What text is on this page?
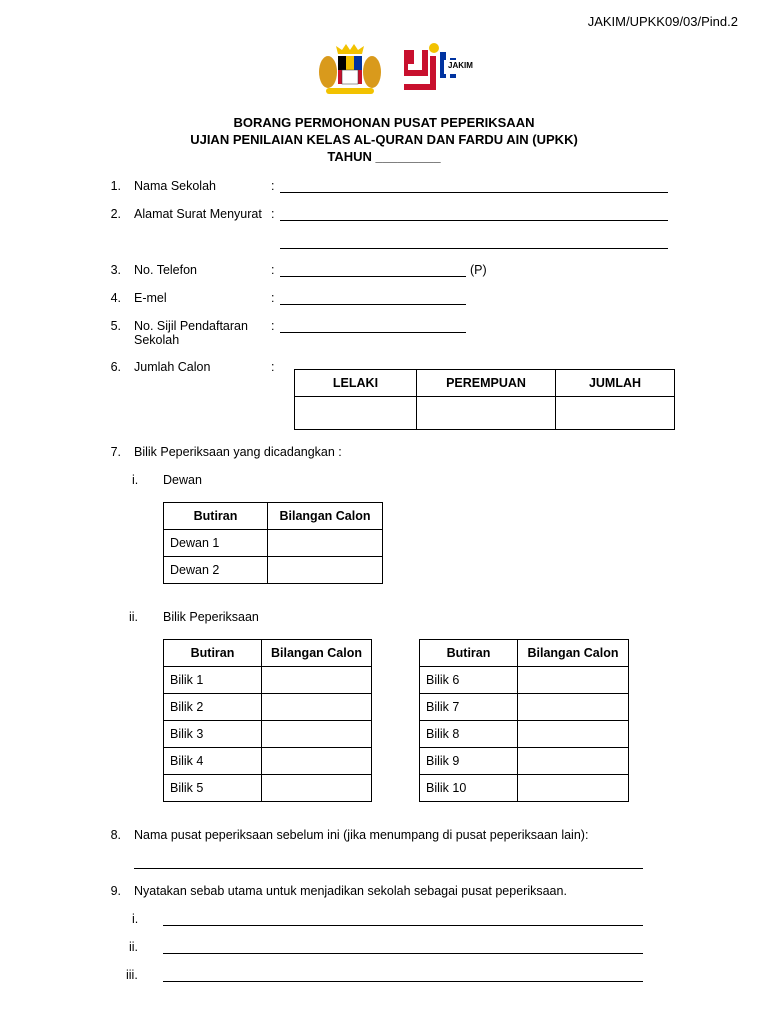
JAKIM/UPKK09/03/Pind.2
JAKIM
BORANG PERMOHONAN PUSAT PEPERIKSAAN
UJIAN PENILAIAN KELAS AL-QURAN DAN FARDU AIN (UPKK)
TAHUN _________
1. Nama Sekolah	:
2. Alamat Surat Menyurat :
3. No. Telefon	:	(P)
4. E-mel	:
5. No. Sijil Pendaftaran Sekolah
:
6. Jumlah Calon	:
LELAKI	PEREMPUAN	JUMLAH

7. Bilik Peperiksaan yang dicadangkan :
i. Dewan
Butiran	Bilangan Calon
Dewan 1	
Dewan 2	
ii. Bilik Peperiksaan
Butiran	Bilangan Calon
Bilik 1	
Bilik 2	
Bilik 3	
Bilik 4	
Bilik 5	
Butiran	Bilangan Calon
Bilik 6	
Bilik 7	
Bilik 8	
Bilik 9	
Bilik 10	
8. Nama pusat peperiksaan sebelum ini (jika menumpang di pusat peperiksaan lain):
9. Nyatakan sebab utama untuk menjadikan sekolah sebagai pusat peperiksaan.
i.
ii.
iii.
